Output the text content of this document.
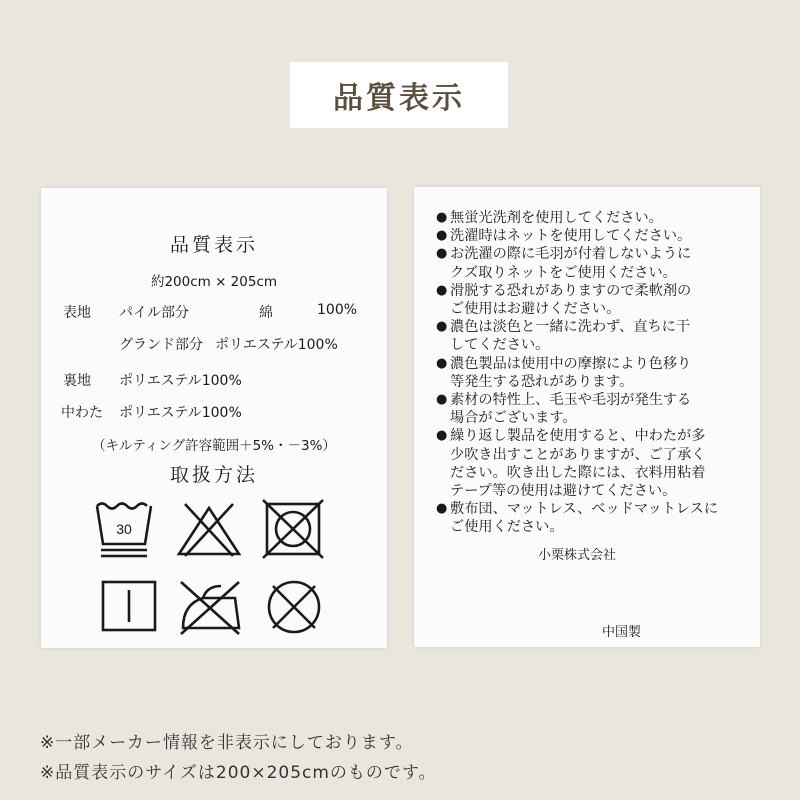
品質表示
品質表示
約200cm × 205cm
表地 パイル部分	綿	100%
グランド部分 ポリエステル100%
裏地 ポリエステル100%
中わた ポリエステル100%
（キルティング許容範囲＋5%・－3%）
取扱方法
30
● 無蛍光洗剤を使用してください。
● 洗濯時はネットを使用してください。
● お洗濯の際に毛羽が付着しないように
クズ取りネットをご使用ください。
● 滑脱する恐れがありますので柔軟剤の
ご使用はお避けください。
● 濃色は淡色と一緒に洗わず、直ちに干
してください。
● 濃色製品は使用中の摩擦により色移り
等発生する恐れがあります。
● 素材の特性上、毛玉や毛羽が発生する
場合がございます。
● 繰り返し製品を使用すると、中わたが多
少吹き出すことがありますが、ご了承く
ださい。吹き出した際には、衣料用粘着
テープ等の使用は避けてください。
● 敷布団、マットレス、ベッドマットレスに
ご使用ください。
小栗株式会社
中国製
※一部メーカー情報を非表示にしております。
※品質表示のサイズは200×205cmのものです。
